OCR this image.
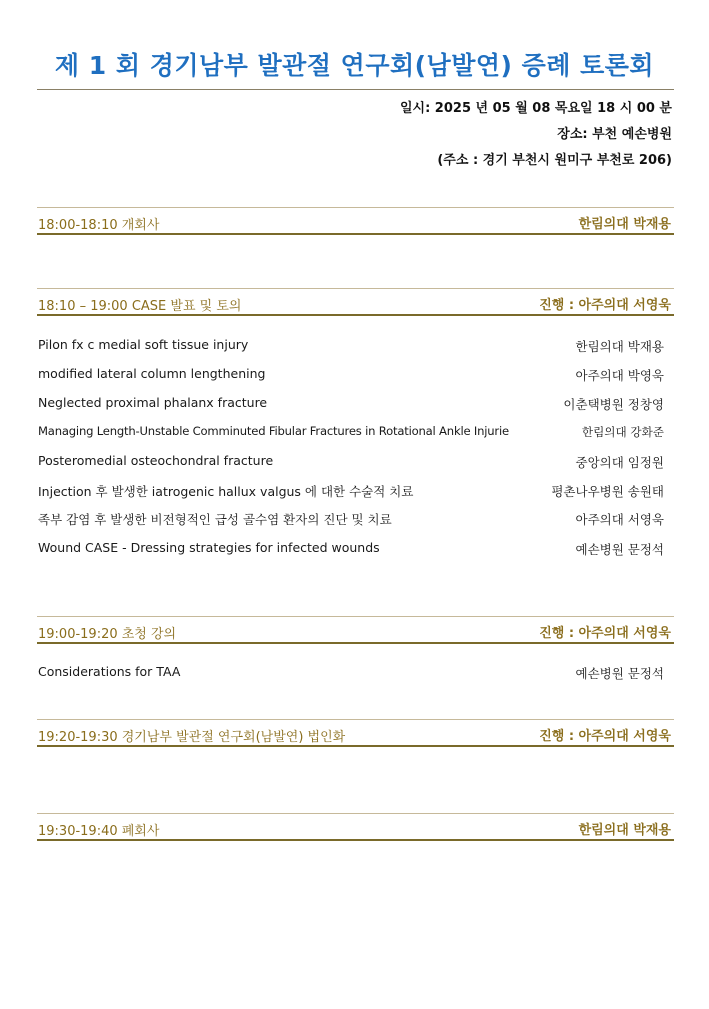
제 1 회 경기남부 발관절 연구회(남발연) 증례 토론회
일시: 2025 년 05 월 08 목요일 18 시 00 분
장소: 부천 예손병원
(주소 : 경기 부천시 원미구 부천로 206)
18:00-18:10 개회사	한림의대 박재용
18:10 – 19:00 CASE 발표 및 토의	진행 : 아주의대 서영욱
Pilon fx c medial soft tissue injury	한림의대 박재용
modified lateral column lengthening	아주의대 박영욱
Neglected proximal phalanx fracture	이춘택병원 정창영
Managing Length-Unstable Comminuted Fibular Fractures in Rotational Ankle Injurie	한림의대 강화준
Posteromedial osteochondral fracture	중앙의대 임정원
Injection 후 발생한 iatrogenic hallux valgus 에 대한 수술적 치료	평촌나우병원 송원태
족부 감염 후 발생한 비전형적인 급성 골수염 환자의 진단 및 치료	아주의대 서영욱
Wound CASE - Dressing strategies for infected wounds	예손병원 문정석
19:00-19:20 초청 강의	진행 : 아주의대 서영욱
Considerations for TAA	예손병원 문정석
19:20-19:30 경기남부 발관절 연구회(남발연) 법인화	진행 : 아주의대 서영욱
19:30-19:40 폐회사	한림의대 박재용
